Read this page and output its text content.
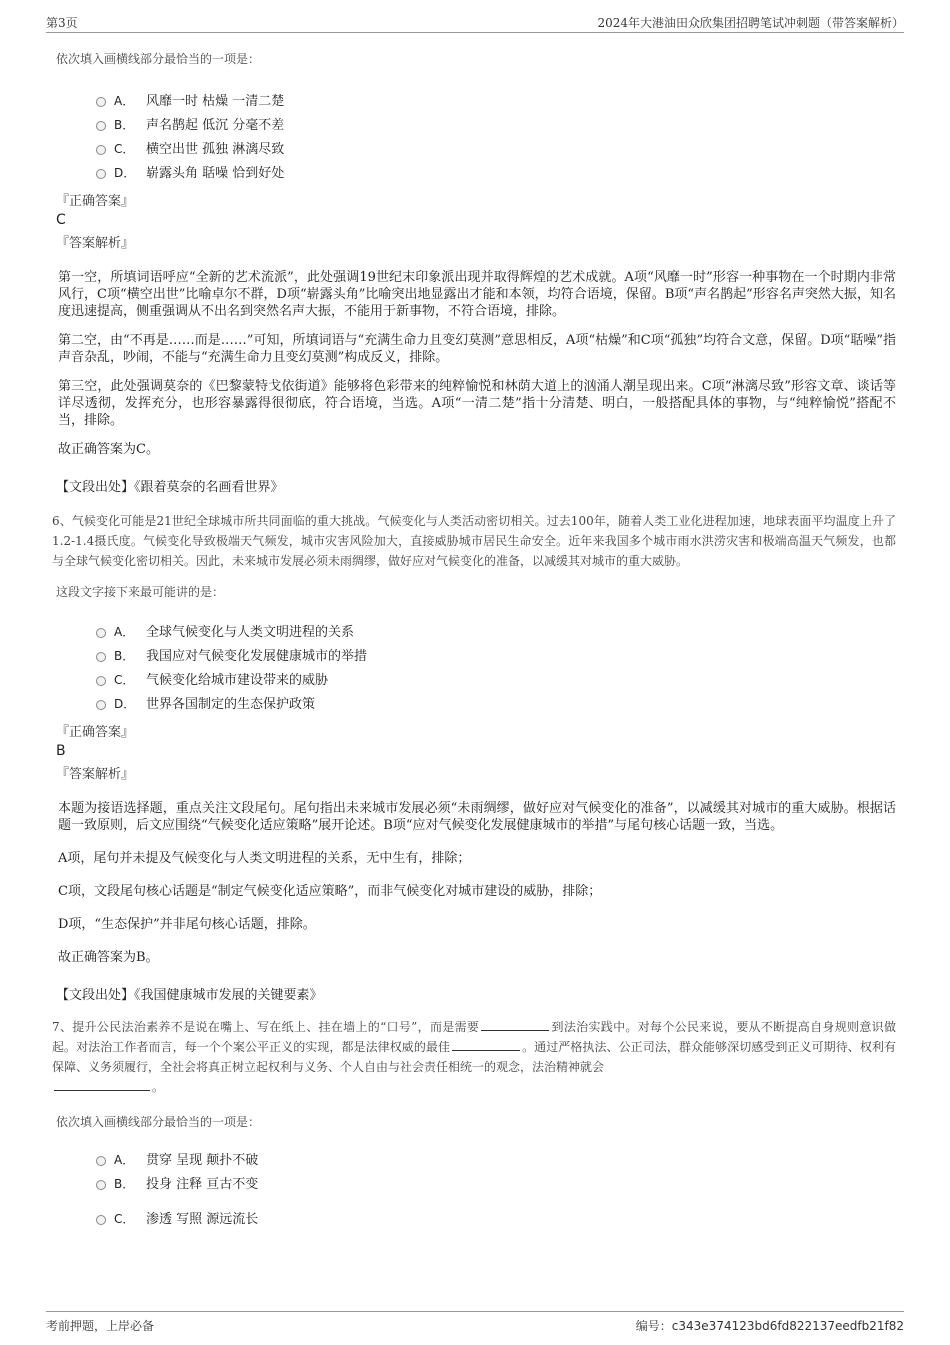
第3页	2024年大港油田众欣集团招聘笔试冲刺题（带答案解析）
依次填入画横线部分最恰当的一项是：
A． 风靡一时 枯燥 一清二楚
B． 声名鹊起 低沉 分毫不差
C． 横空出世 孤独 淋漓尽致
D． 崭露头角 聒噪 恰到好处
『正确答案』
C
『答案解析』
第一空，所填词语呼应“全新的艺术流派”，此处强调19世纪末印象派出现并取得辉煌的艺术成就。A项“风靡一时”形容一种事物在一个时期内非常风行，C项“横空出世”比喻卓尔不群，D项“崭露头角”比喻突出地显露出才能和本领，均符合语境，保留。B项“声名鹊起”形容名声突然大振，知名度迅速提高，侧重强调从不出名到突然名声大振，不能用于新事物，不符合语境，排除。
第二空，由“不再是……而是……”可知，所填词语与“充满生命力且变幻莫测”意思相反，A项“枯燥”和C项“孤独”均符合文意，保留。D项“聒噪”指声音杂乱，吵闹，不能与“充满生命力且变幻莫测”构成反义，排除。
第三空，此处强调莫奈的《巴黎蒙特戈依街道》能够将色彩带来的纯粹愉悦和林荫大道上的汹涌人潮呈现出来。C项“淋漓尽致”形容文章、谈话等详尽透彻，发挥充分，也形容暴露得很彻底，符合语境，当选。A项“一清二楚”指十分清楚、明白，一般搭配具体的事物，与“纯粹愉悦”搭配不当，排除。
故正确答案为C。
【文段出处】《跟着莫奈的名画看世界》
6、气候变化可能是21世纪全球城市所共同面临的重大挑战。气候变化与人类活动密切相关。过去100年，随着人类工业化进程加速，地球表面平均温度上升了1.2-1.4摄氏度。气候变化导致极端天气频发，城市灾害风险加大，直接威胁城市居民生命安全。近年来我国多个城市雨水洪涝灾害和极端高温天气频发，也都与全球气候变化密切相关。因此，未来城市发展必须未雨绸缪，做好应对气候变化的准备，以减缓其对城市的重大威胁。
这段文字接下来最可能讲的是：
A． 全球气候变化与人类文明进程的关系
B． 我国应对气候变化发展健康城市的举措
C． 气候变化给城市建设带来的威胁
D． 世界各国制定的生态保护政策
『正确答案』
B
『答案解析』
本题为接语选择题，重点关注文段尾句。尾句指出未来城市发展必须“未雨绸缪，做好应对气候变化的准备”，以减缓其对城市的重大威胁。根据话题一致原则，后文应围绕“气候变化适应策略”展开论述。B项“应对气候变化发展健康城市的举措”与尾句核心话题一致，当选。
A项，尾句并未提及气候变化与人类文明进程的关系，无中生有，排除；
C项，文段尾句核心话题是“制定气候变化适应策略”，而非气候变化对城市建设的威胁，排除；
D项，“生态保护”并非尾句核心话题，排除。
故正确答案为B。
【文段出处】《我国健康城市发展的关键要素》
7、提升公民法治素养不是说在嘴上、写在纸上、挂在墙上的“口号”，而是需要	到法治实践中。对每个公民来说，要从不断提高自身规则意识做起。对法治工作者而言，每一个个案公平正义的实现，都是法律权威的最佳	。通过严格执法、公正司法，群众能够深切感受到正义可期待、权利有保障、义务须履行，全社会将真正树立起权利与义务、个人自由与社会责任相统一的观念，法治精神就会
。
依次填入画横线部分最恰当的一项是：
A． 贯穿 呈现 颠扑不破
B． 投身 注释 亘古不变
C． 渗透 写照 源远流长
考前押题，上岸必备	编号：c343e374123bd6fd822137eedfb21f82
